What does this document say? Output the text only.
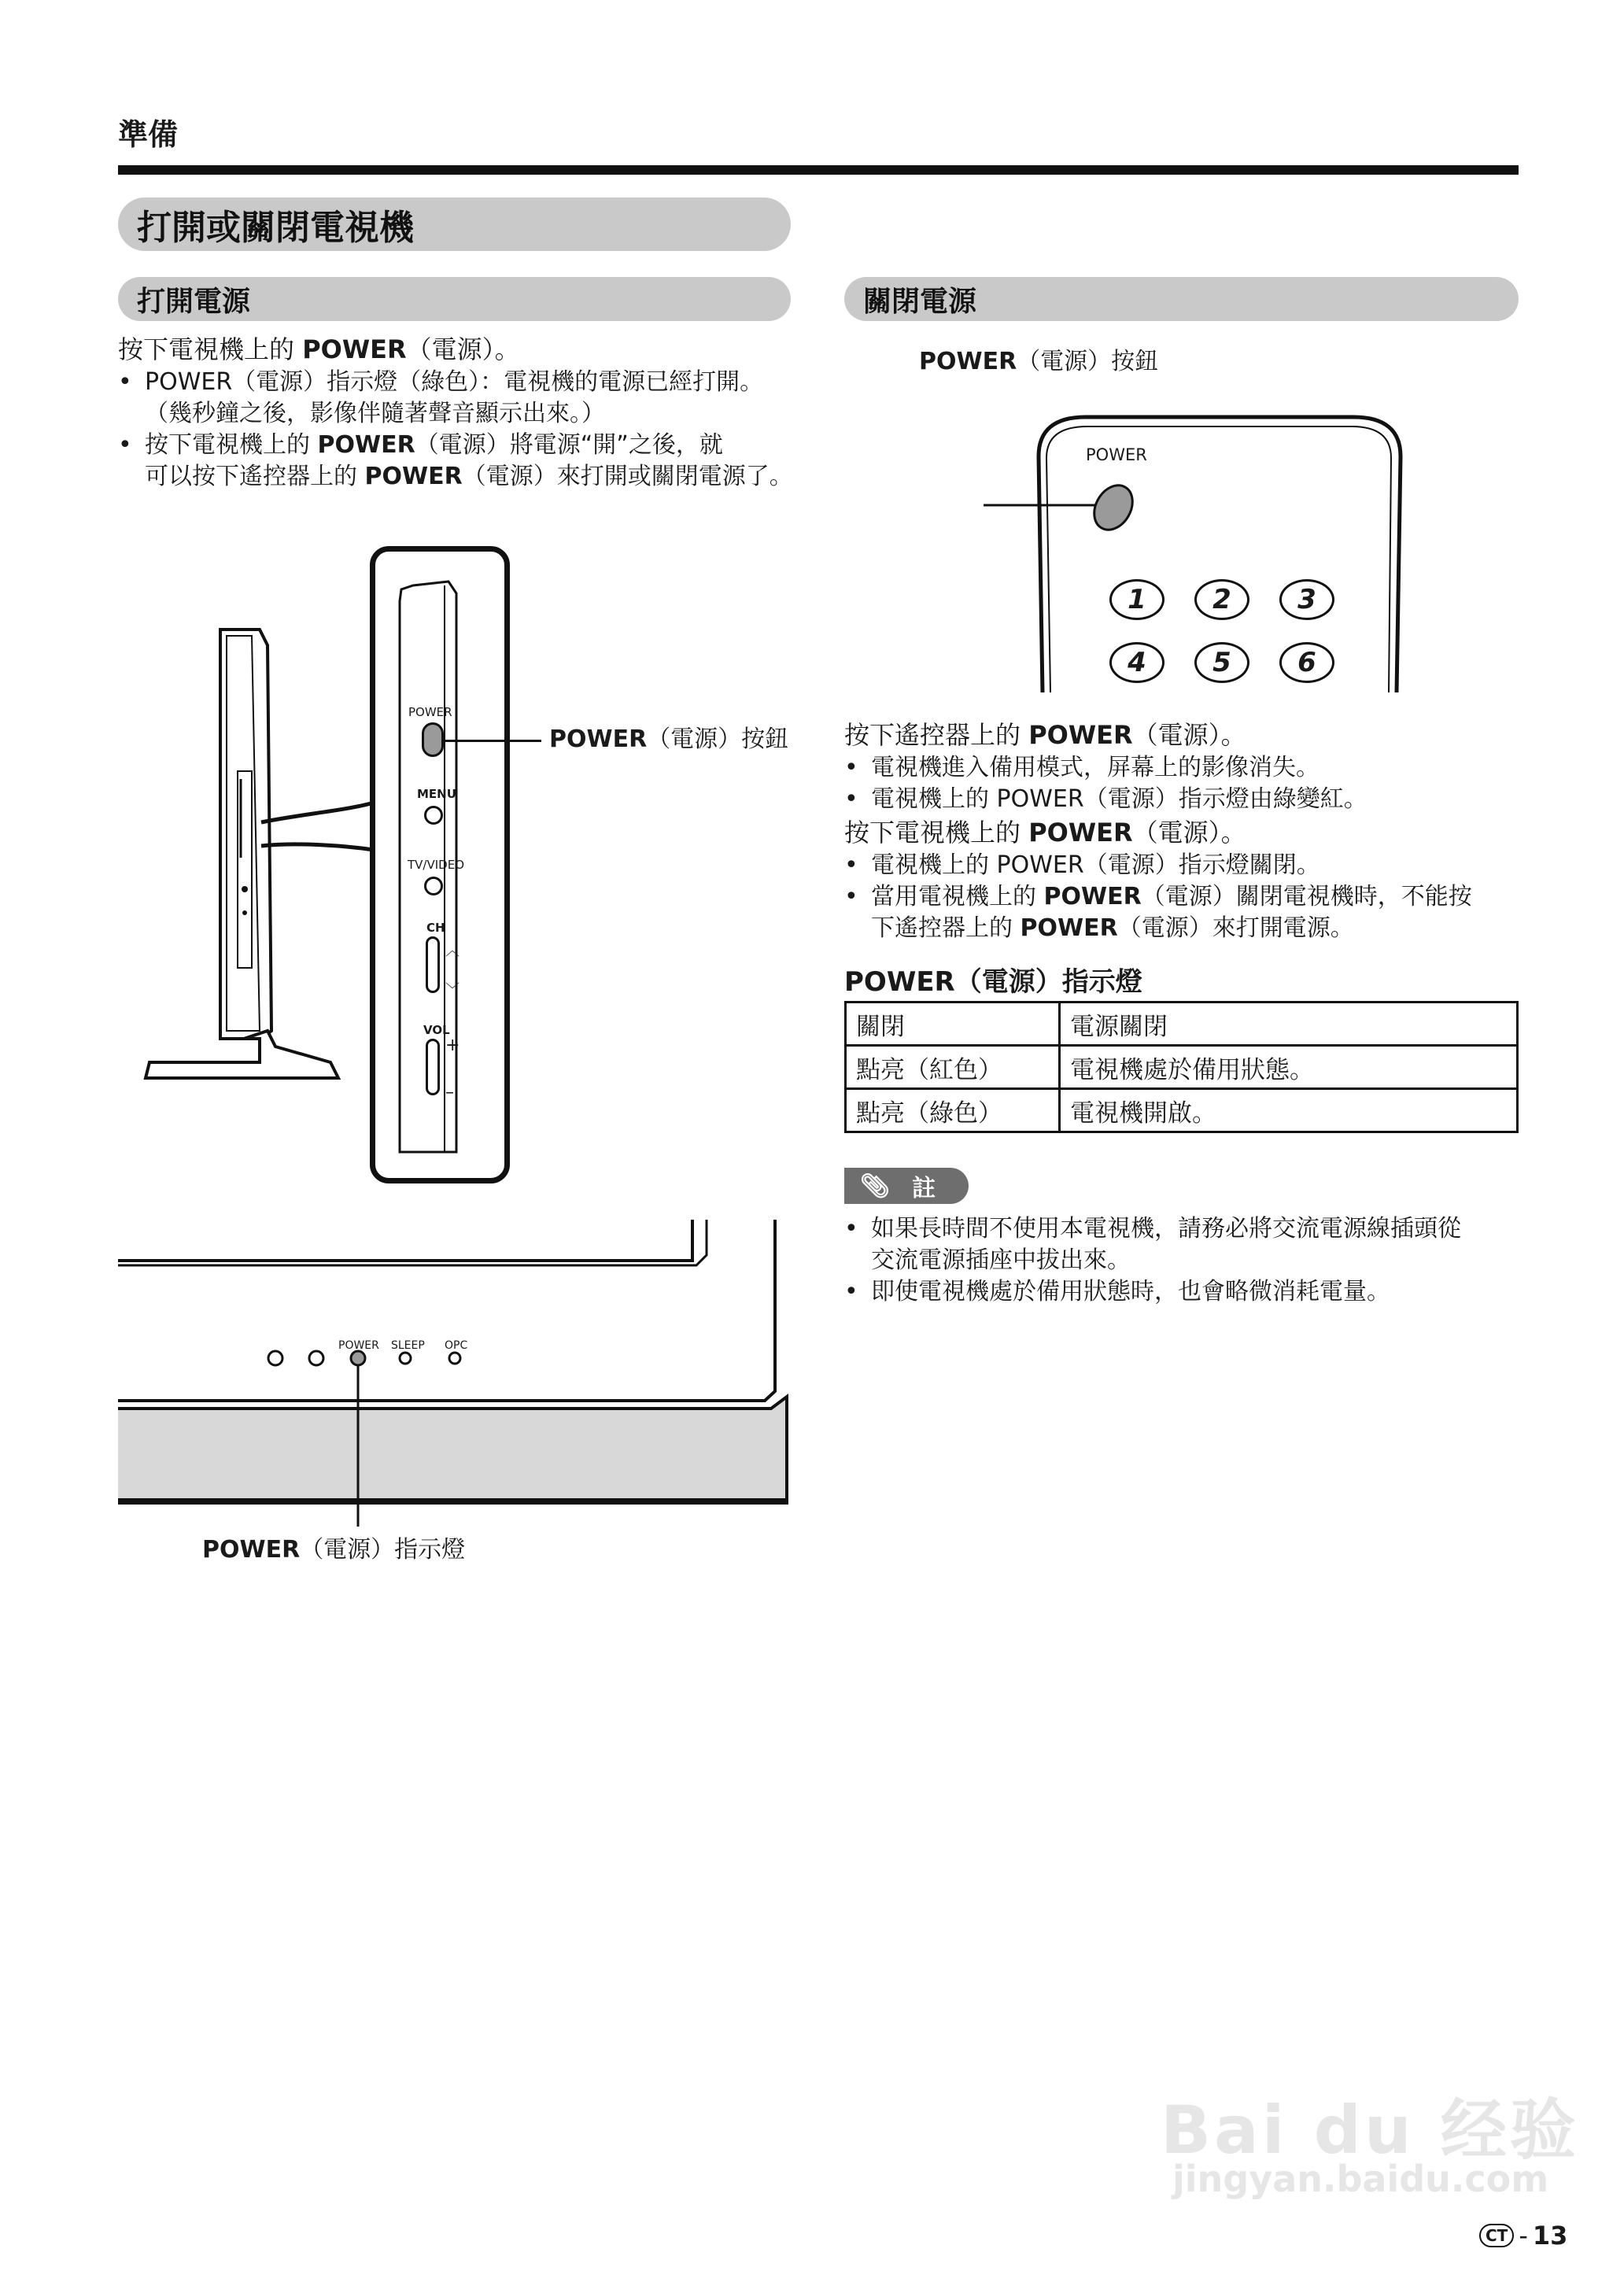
準備
打開或關閉電視機
打開電源
按下電視機上的 POWER（電源）。
• POWER（電源）指示燈（綠色）：電視機的電源已經打開。
（幾秒鐘之後，影像伴隨著聲音顯示出來。）
• 按下電視機上的 POWER（電源）將電源“開”之後，就
可以按下遙控器上的 POWER（電源）來打開或關閉電源了。
POWER
MENU
TV/VIDEO
CH
︿
﹀
VOL
+
–
POWER（電源）按鈕
POWER SLEEP OPC
POWER（電源）指示燈
關閉電源
POWER（電源）按鈕
POWER
1	2	3
4	5	6
按下遙控器上的 POWER（電源）。
• 電視機進入備用模式，屏幕上的影像消失。
• 電視機上的 POWER（電源）指示燈由綠變紅。
按下電視機上的 POWER（電源）。
• 電視機上的 POWER（電源）指示燈關閉。
• 當用電視機上的 POWER（電源）關閉電視機時，不能按
下遙控器上的 POWER（電源）來打開電源。
POWER（電源）指示燈
關閉	電源關閉
點亮（紅色）	電視機處於備用狀態。
點亮（綠色）	電視機開啟。
📎︎ 註
• 如果長時間不使用本電視機，請務必將交流電源線插頭從
交流電源插座中拔出來。
• 即使電視機處於備用狀態時，也會略微消耗電量。
Bai du 经验
jingyan.baidu.com
CT - 13
